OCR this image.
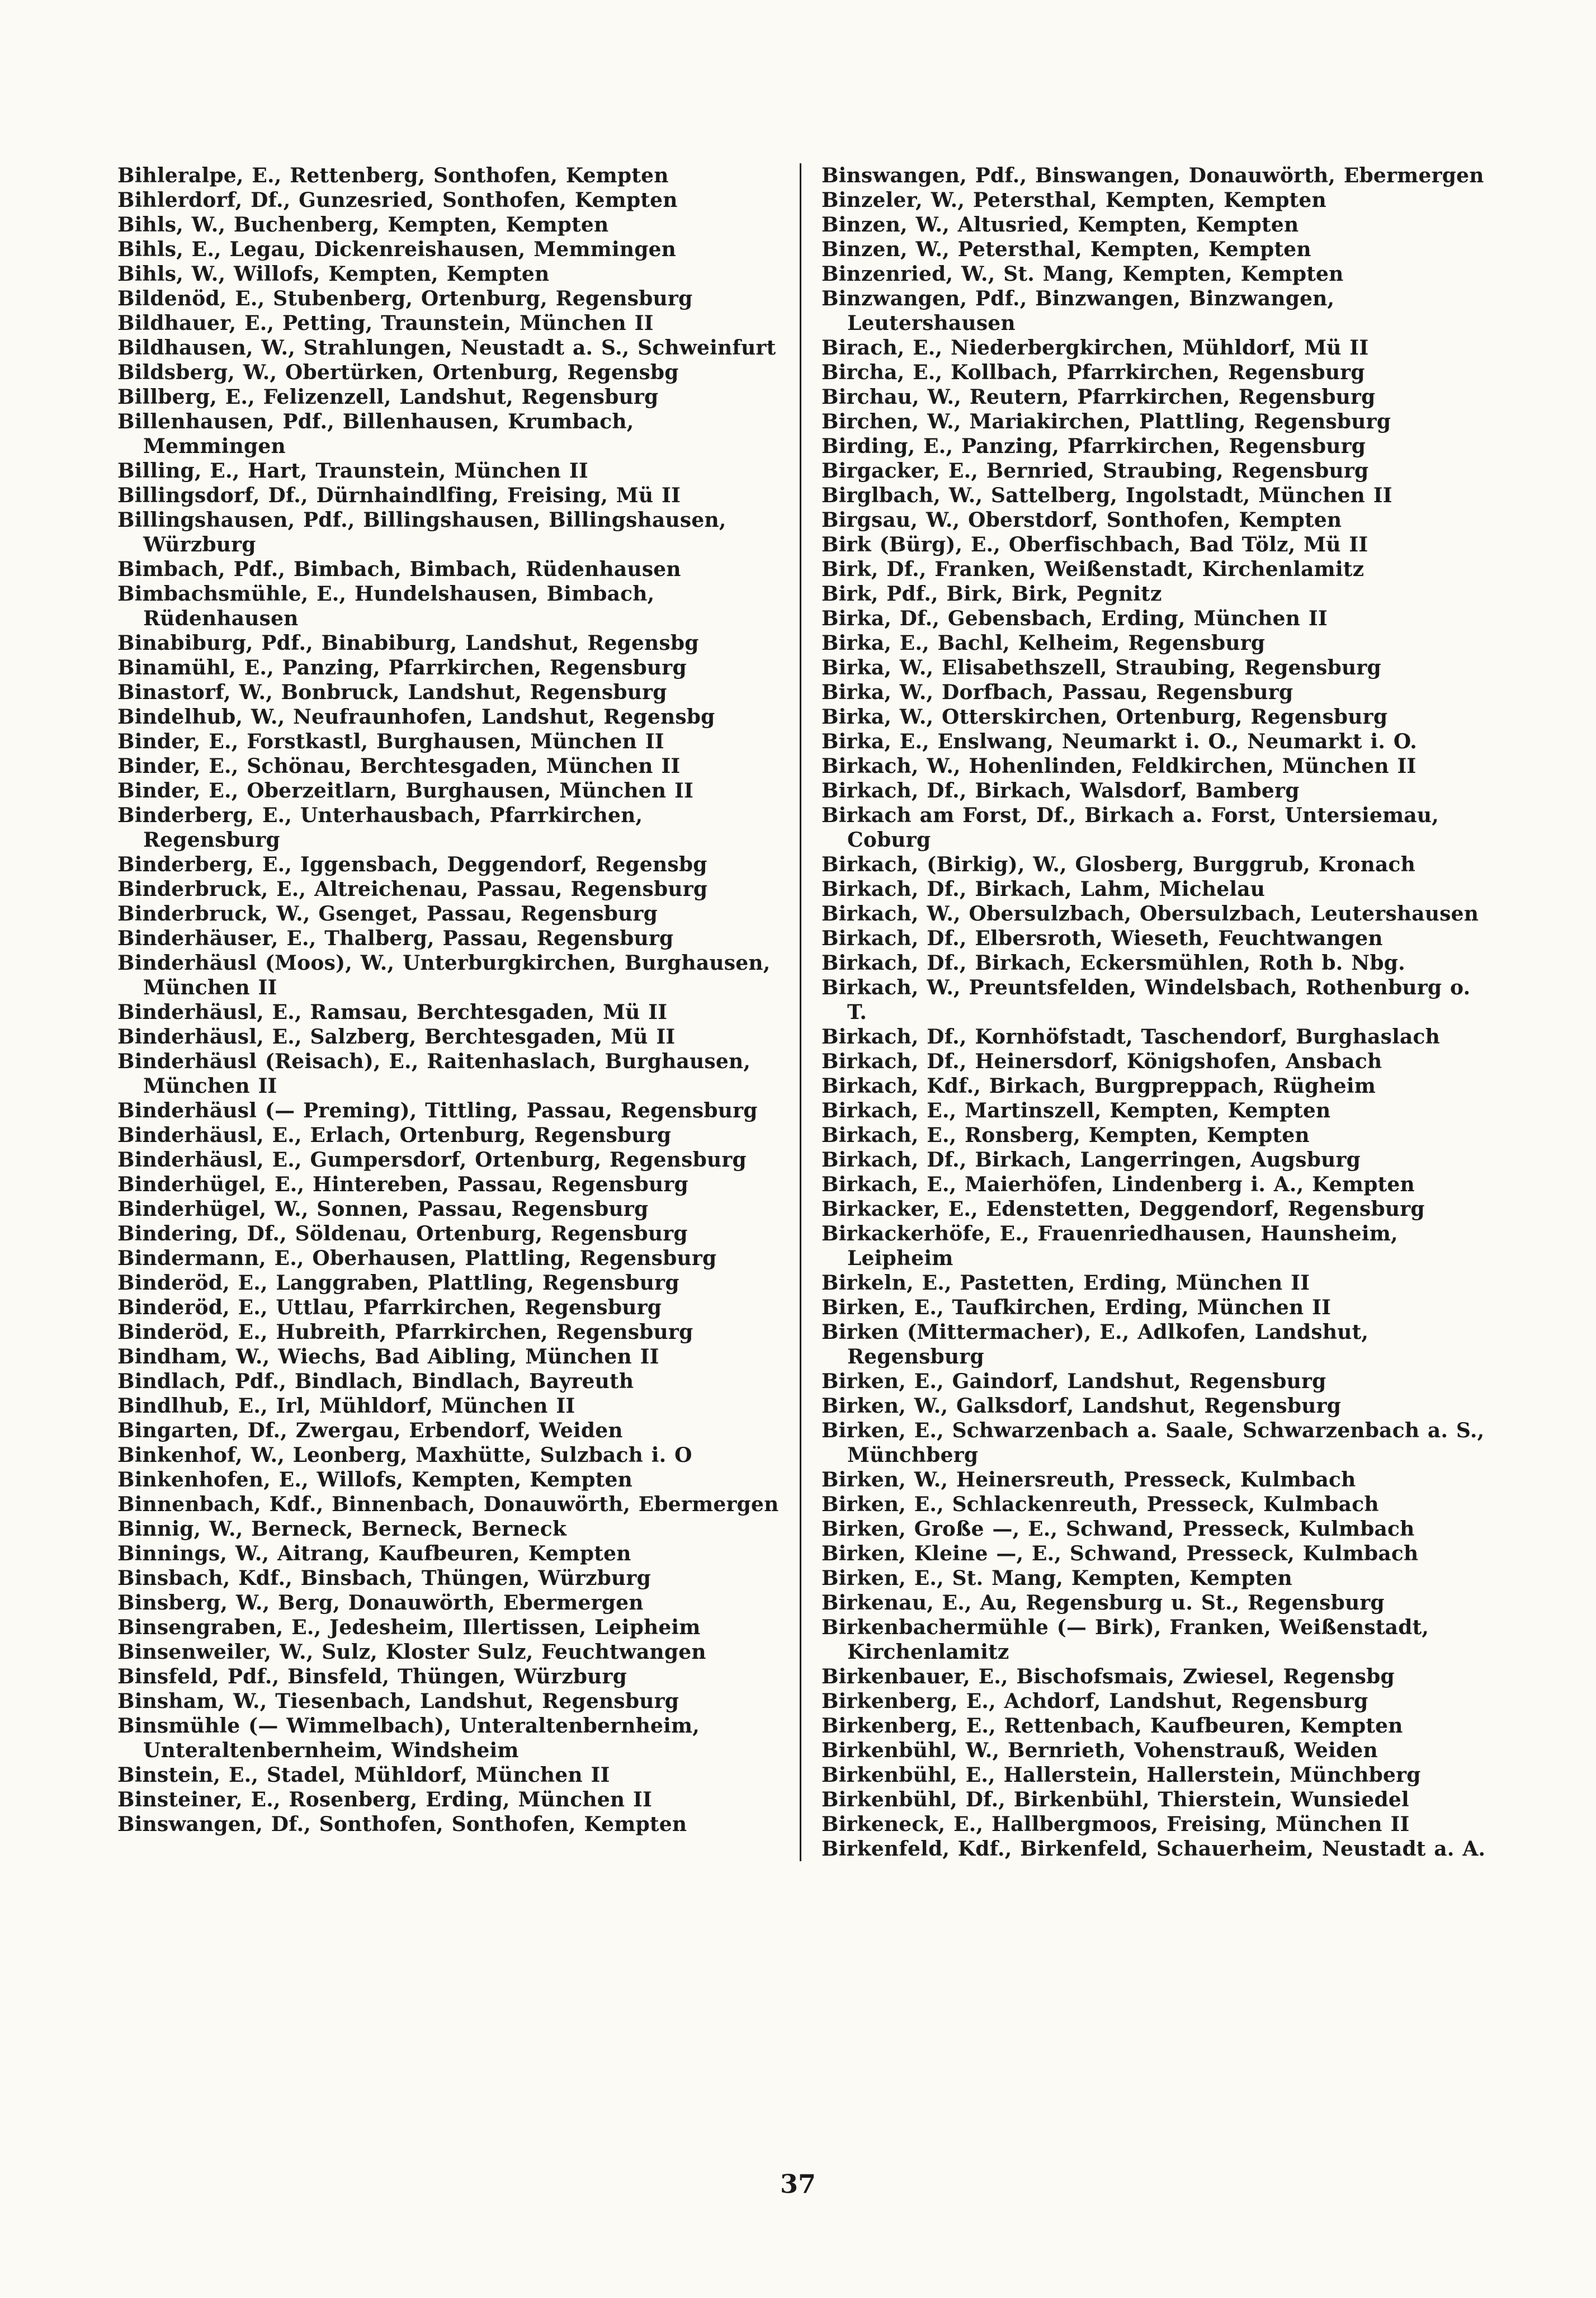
Bihleralpe, E., Rettenberg, Sonthofen, Kempten

Bihlerdorf, Df., Gunzesried, Sonthofen, Kempten

Bihls, W., Buchenberg, Kempten, Kempten

Bihls, E., Legau, Dickenreishausen, Memmingen

Bihls, W., Willofs, Kempten, Kempten

Bildenöd, E., Stubenberg, Ortenburg, Regensburg

Bildhauer, E., Petting, Traunstein, München II

Bildhausen, W., Strahlungen, Neustadt a. S., Schweinfurt

Bildsberg, W., Obertürken, Ortenburg, Regensbg

Billberg, E., Felizenzell, Landshut, Regensburg

Billenhausen, Pdf., Billenhausen, Krumbach, Memmingen

Billing, E., Hart, Traunstein, München II

Billingsdorf, Df., Dürnhaindlfing, Freising, Mü II

Billingshausen, Pdf., Billingshausen, Billingshausen, Würzburg

Bimbach, Pdf., Bimbach, Bimbach, Rüdenhausen

Bimbachsmühle, E., Hundelshausen, Bimbach, Rüdenhausen

Binabiburg, Pdf., Binabiburg, Landshut, Regensbg

Binamühl, E., Panzing, Pfarrkirchen, Regensburg

Binastorf, W., Bonbruck, Landshut, Regensburg

Bindelhub, W., Neufraunhofen, Landshut, Regensbg

Binder, E., Forstkastl, Burghausen, München II

Binder, E., Schönau, Berchtesgaden, München II

Binder, E., Oberzeitlarn, Burghausen, München II

Binderberg, E., Unterhausbach, Pfarrkirchen, Regensburg

Binderberg, E., Iggensbach, Deggendorf, Regensbg

Binderbruck, E., Altreichenau, Passau, Regensburg

Binderbruck, W., Gsenget, Passau, Regensburg

Binderhäuser, E., Thalberg, Passau, Regensburg

Binderhäusl (Moos), W., Unterburgkirchen, Burghausen, München II

Binderhäusl, E., Ramsau, Berchtesgaden, Mü II

Binderhäusl, E., Salzberg, Berchtesgaden, Mü II

Binderhäusl (Reisach), E., Raitenhaslach, Burghausen, München II

Binderhäusl (— Preming), Tittling, Passau, Regensburg

Binderhäusl, E., Erlach, Ortenburg, Regensburg

Binderhäusl, E., Gumpersdorf, Ortenburg, Regensburg

Binderhügel, E., Hintereben, Passau, Regensburg

Binderhügel, W., Sonnen, Passau, Regensburg

Bindering, Df., Söldenau, Ortenburg, Regensburg

Bindermann, E., Oberhausen, Plattling, Regensburg

Binderöd, E., Langgraben, Plattling, Regensburg

Binderöd, E., Uttlau, Pfarrkirchen, Regensburg

Binderöd, E., Hubreith, Pfarrkirchen, Regensburg

Bindham, W., Wiechs, Bad Aibling, München II

Bindlach, Pdf., Bindlach, Bindlach, Bayreuth

Bindlhub, E., Irl, Mühldorf, München II

Bingarten, Df., Zwergau, Erbendorf, Weiden

Binkenhof, W., Leonberg, Maxhütte, Sulzbach i. O

Binkenhofen, E., Willofs, Kempten, Kempten

Binnenbach, Kdf., Binnenbach, Donauwörth, Ebermergen

Binnig, W., Berneck, Berneck, Berneck

Binnings, W., Aitrang, Kaufbeuren, Kempten

Binsbach, Kdf., Binsbach, Thüngen, Würzburg

Binsberg, W., Berg, Donauwörth, Ebermergen

Binsengraben, E., Jedesheim, Illertissen, Leipheim

Binsenweiler, W., Sulz, Kloster Sulz, Feuchtwangen

Binsfeld, Pdf., Binsfeld, Thüngen, Würzburg

Binsham, W., Tiesenbach, Landshut, Regensburg

Binsmühle (— Wimmelbach), Unteraltenbernheim, Unteraltenbernheim, Windsheim

Binstein, E., Stadel, Mühldorf, München II

Binsteiner, E., Rosenberg, Erding, München II

Binswangen, Df., Sonthofen, Sonthofen, Kempten

Binswangen, Pdf., Binswangen, Donauwörth, Ebermergen

Binzeler, W., Petersthal, Kempten, Kempten

Binzen, W., Altusried, Kempten, Kempten

Binzen, W., Petersthal, Kempten, Kempten

Binzenried, W., St. Mang, Kempten, Kempten

Binzwangen, Pdf., Binzwangen, Binzwangen, Leutershausen

Birach, E., Niederbergkirchen, Mühldorf, Mü II

Bircha, E., Kollbach, Pfarrkirchen, Regensburg

Birchau, W., Reutern, Pfarrkirchen, Regensburg

Birchen, W., Mariakirchen, Plattling, Regensburg

Birding, E., Panzing, Pfarrkirchen, Regensburg

Birgacker, E., Bernried, Straubing, Regensburg

Birglbach, W., Sattelberg, Ingolstadt, München II

Birgsau, W., Oberstdorf, Sonthofen, Kempten

Birk (Bürg), E., Oberfischbach, Bad Tölz, Mü II

Birk, Df., Franken, Weißenstadt, Kirchenlamitz

Birk, Pdf., Birk, Birk, Pegnitz

Birka, Df., Gebensbach, Erding, München II

Birka, E., Bachl, Kelheim, Regensburg

Birka, W., Elisabethszell, Straubing, Regensburg

Birka, W., Dorfbach, Passau, Regensburg

Birka, W., Otterskirchen, Ortenburg, Regensburg

Birka, E., Enslwang, Neumarkt i. O., Neumarkt i. O.

Birkach, W., Hohenlinden, Feldkirchen, München II

Birkach, Df., Birkach, Walsdorf, Bamberg

Birkach am Forst, Df., Birkach a. Forst, Untersiemau, Coburg

Birkach, (Birkig), W., Glosberg, Burggrub, Kronach

Birkach, Df., Birkach, Lahm, Michelau

Birkach, W., Obersulzbach, Obersulzbach, Leutershausen

Birkach, Df., Elbersroth, Wieseth, Feuchtwangen

Birkach, Df., Birkach, Eckersmühlen, Roth b. Nbg.

Birkach, W., Preuntsfelden, Windelsbach, Rothenburg o. T.

Birkach, Df., Kornhöfstadt, Taschendorf, Burghaslach

Birkach, Df., Heinersdorf, Königshofen, Ansbach

Birkach, Kdf., Birkach, Burgpreppach, Rügheim

Birkach, E., Martinszell, Kempten, Kempten

Birkach, E., Ronsberg, Kempten, Kempten

Birkach, Df., Birkach, Langerringen, Augsburg

Birkach, E., Maierhöfen, Lindenberg i. A., Kempten

Birkacker, E., Edenstetten, Deggendorf, Regensburg

Birkackerhöfe, E., Frauenriedhausen, Haunsheim, Leipheim

Birkeln, E., Pastetten, Erding, München II

Birken, E., Taufkirchen, Erding, München II

Birken (Mittermacher), E., Adlkofen, Landshut, Regensburg

Birken, E., Gaindorf, Landshut, Regensburg

Birken, W., Galksdorf, Landshut, Regensburg

Birken, E., Schwarzenbach a. Saale, Schwarzenbach a. S., Münchberg

Birken, W., Heinersreuth, Presseck, Kulmbach

Birken, E., Schlackenreuth, Presseck, Kulmbach

Birken, Große —, E., Schwand, Presseck, Kulmbach

Birken, Kleine —, E., Schwand, Presseck, Kulmbach

Birken, E., St. Mang, Kempten, Kempten

Birkenau, E., Au, Regensburg u. St., Regensburg

Birkenbachermühle (— Birk), Franken, Weißenstadt, Kirchenlamitz

Birkenbauer, E., Bischofsmais, Zwiesel, Regensbg

Birkenberg, E., Achdorf, Landshut, Regensburg

Birkenberg, E., Rettenbach, Kaufbeuren, Kempten

Birkenbühl, W., Bernrieth, Vohenstrauß, Weiden

Birkenbühl, E., Hallerstein, Hallerstein, Münchberg

Birkenbühl, Df., Birkenbühl, Thierstein, Wunsiedel

Birkeneck, E., Hallbergmoos, Freising, München II

Birkenfeld, Kdf., Birkenfeld, Schauerheim, Neustadt a. A.

37
